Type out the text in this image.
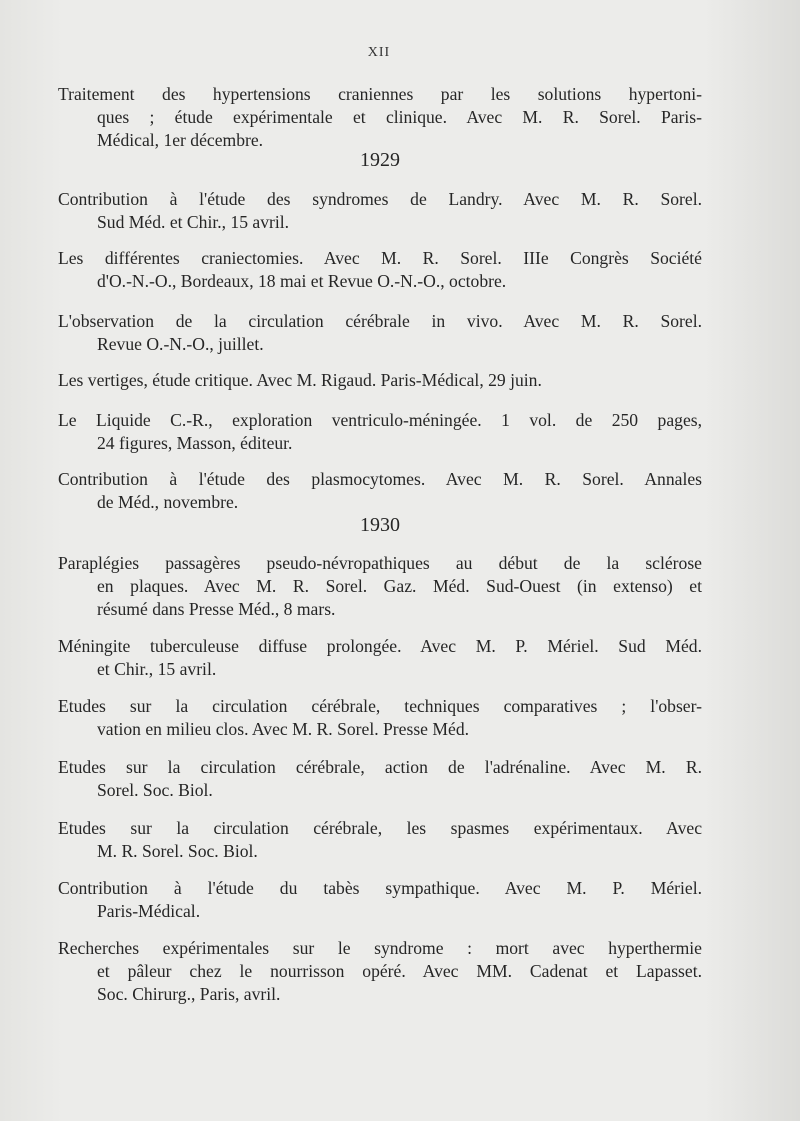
XII
Traitement des hypertensions craniennes par les solutions hypertoni-
ques ; étude expérimentale et clinique. Avec M. R. Sorel. Paris-
Médical, 1er décembre.
1929
Contribution à l'étude des syndromes de Landry. Avec M. R. Sorel.
Sud Méd. et Chir., 15 avril.
Les différentes craniectomies. Avec M. R. Sorel. IIIe Congrès Société
d'O.-N.-O., Bordeaux, 18 mai et Revue O.-N.-O., octobre.
L'observation de la circulation cérébrale in vivo. Avec M. R. Sorel.
Revue O.-N.-O., juillet.
Les vertiges, étude critique. Avec M. Rigaud. Paris-Médical, 29 juin.
Le Liquide C.-R., exploration ventriculo-méningée. 1 vol. de 250 pages,
24 figures, Masson, éditeur.
Contribution à l'étude des plasmocytomes. Avec M. R. Sorel. Annales
de Méd., novembre.
1930
Paraplégies passagères pseudo-névropathiques au début de la sclérose
en plaques. Avec M. R. Sorel. Gaz. Méd. Sud-Ouest (in extenso) et
résumé dans Presse Méd., 8 mars.
Méningite tuberculeuse diffuse prolongée. Avec M. P. Mériel. Sud Méd.
et Chir., 15 avril.
Etudes sur la circulation cérébrale, techniques comparatives ; l'obser-
vation en milieu clos. Avec M. R. Sorel. Presse Méd.
Etudes sur la circulation cérébrale, action de l'adrénaline. Avec M. R.
Sorel. Soc. Biol.
Etudes sur la circulation cérébrale, les spasmes expérimentaux. Avec
M. R. Sorel. Soc. Biol.
Contribution à l'étude du tabès sympathique. Avec M. P. Mériel.
Paris-Médical.
Recherches expérimentales sur le syndrome : mort avec hyperthermie
et pâleur chez le nourrisson opéré. Avec MM. Cadenat et Lapasset.
Soc. Chirurg., Paris, avril.
